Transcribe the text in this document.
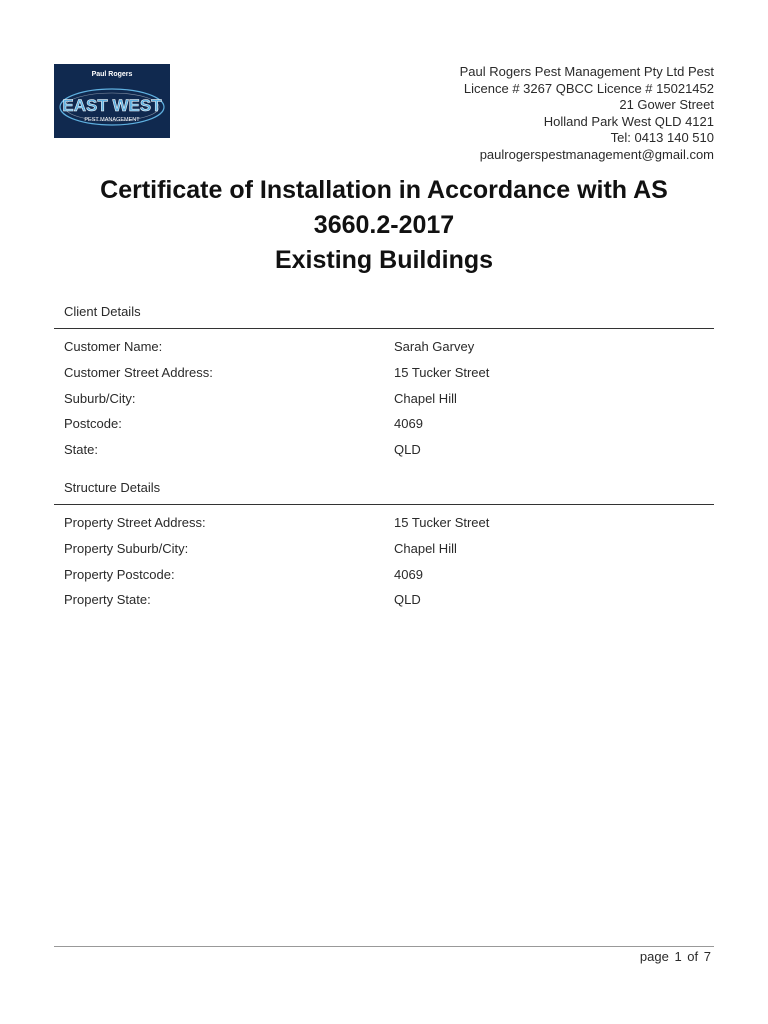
Paul Rogers
EAST WEST
PEST MANAGEMENT
Paul Rogers Pest Management Pty Ltd Pest
Licence # 3267 QBCC Licence # 15021452
21 Gower Street
Holland Park West QLD 4121
Tel: 0413 140 510
paulrogerspestmanagement@gmail.com
Certificate of Installation in Accordance with AS
3660.2-2017
Existing Buildings
Client Details
Customer Name:	Sarah Garvey
Customer Street Address:	15 Tucker Street
Suburb/City:	Chapel Hill
Postcode:	4069
State:	QLD
Structure Details
Property Street Address:	15 Tucker Street
Property Suburb/City:	Chapel Hill
Property Postcode:	4069
Property State:	QLD
page 1 of 7
